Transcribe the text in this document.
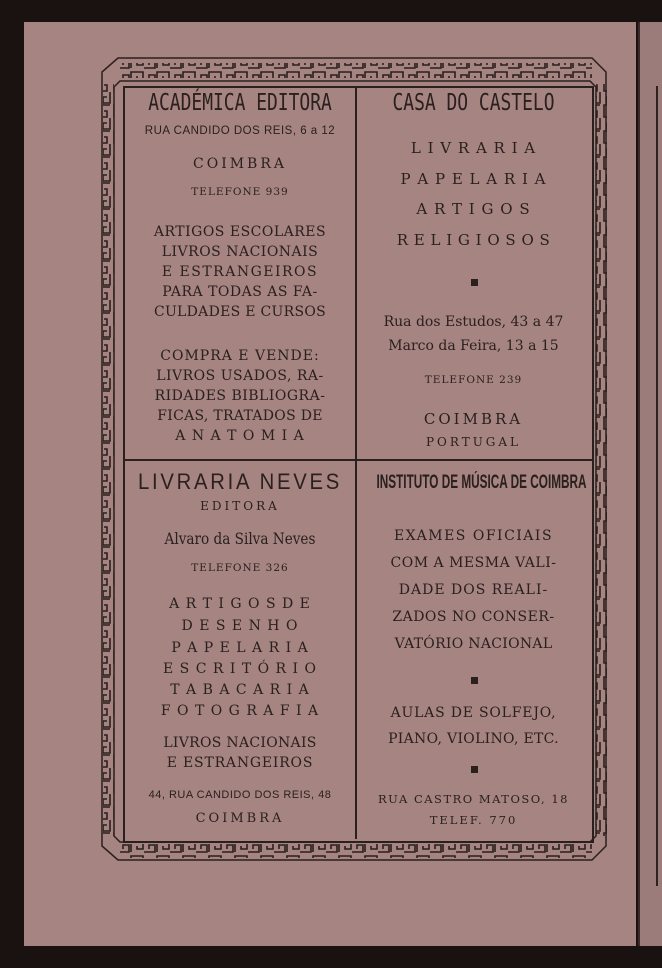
ACADÉMICA EDITORA
RUA CANDIDO DOS REIS, 6 a 12
COIMBRA
TELEFONE 939
ARTIGOS ESCOLARES
LIVROS NACIONAIS
E ESTRANGEIROS
PARA TODAS AS FA-
CULDADES E CURSOS
COMPRA E VENDE:
LIVROS USADOS, RA-
RIDADES BIBLIOGRA-
FICAS, TRATADOS DE
A N A T O M I A
CASA DO CASTELO
L I V R A R I A
P A P E L A R I A
A R T I G O S
R E L I G I O S O S
Rua dos Estudos, 43 a 47
Marco da Feira, 13 a 15
TELEFONE 239
COIMBRA
PORTUGAL
LIVRARIA NEVES
EDITORA
Alvaro da Silva Neves
TELEFONE 326
A R T I G O S D E
D E S E N H O
P A P E L A R I A
E S C R I T Ó R I O
T A B A C A R I A
F O T O G R A F I A
LIVROS NACIONAIS
E ESTRANGEIROS
44, RUA CANDIDO DOS REIS, 48
COIMBRA
INSTITUTO DE MÚSICA DE COIMBRA
EXAMES OFICIAIS
COM A MESMA VALI-
DADE DOS REALI-
ZADOS NO CONSER-
VATÓRIO NACIONAL
AULAS DE SOLFEJO,
PIANO, VIOLINO, ETC.
RUA CASTRO MATOSO, 18
TELEF. 770
